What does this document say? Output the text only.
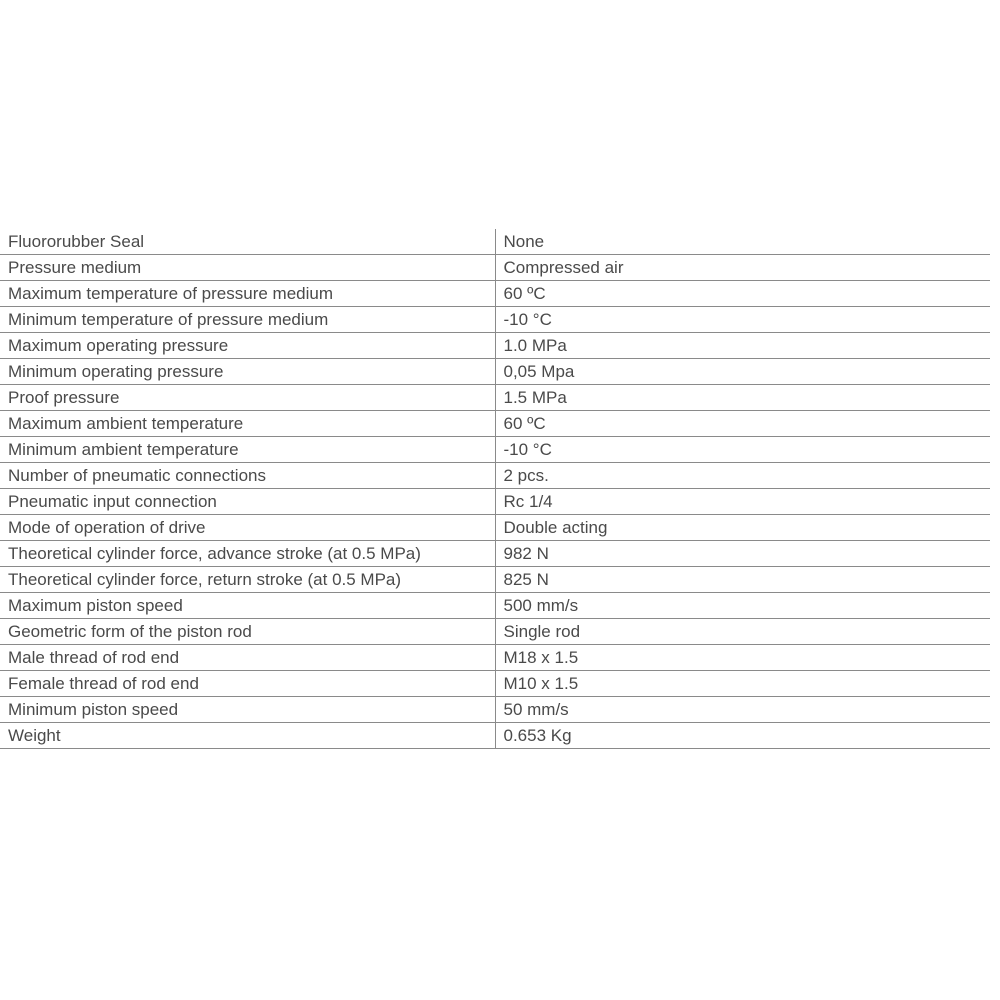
Fluororubber Seal	None
Pressure medium	Compressed air
Maximum temperature of pressure medium	60 ºC
Minimum temperature of pressure medium	-10 °C
Maximum operating pressure	1.0 MPa
Minimum operating pressure	0,05 Mpa
Proof pressure	1.5 MPa
Maximum ambient temperature	60 ºC
Minimum ambient temperature	-10 °C
Number of pneumatic connections	2 pcs.
Pneumatic input connection	Rc 1/4
Mode of operation of drive	Double acting
Theoretical cylinder force, advance stroke (at 0.5 MPa)	982 N
Theoretical cylinder force, return stroke (at 0.5 MPa)	825 N
Maximum piston speed	500 mm/s
Geometric form of the piston rod	Single rod
Male thread of rod end	M18 x 1.5
Female thread of rod end	M10 x 1.5
Minimum piston speed	50 mm/s
Weight	0.653 Kg
